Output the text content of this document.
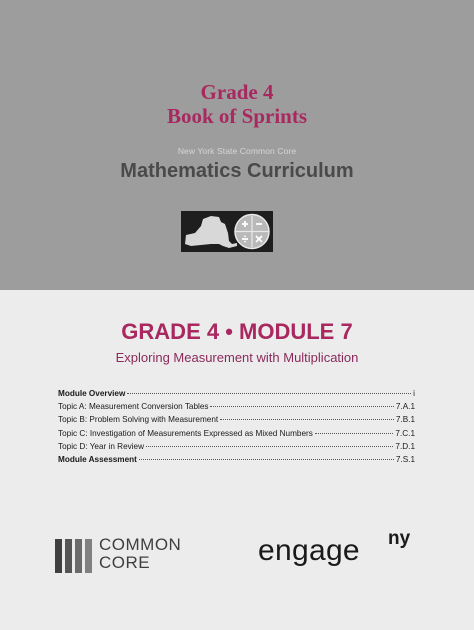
Grade 4
Book of Sprints
New York State Common Core
Mathematics Curriculum
GRADE 4 • MODULE 7
Exploring Measurement with Multiplication
Module Overview	i
Topic A: Measurement Conversion Tables	7.A.1
Topic B: Problem Solving with Measurement	7.B.1
Topic C: Investigation of Measurements Expressed as Mixed Numbers	7.C.1
Topic D: Year in Review	7.D.1
Module Assessment	7.S.1
COMMON
CORE	engage ny
